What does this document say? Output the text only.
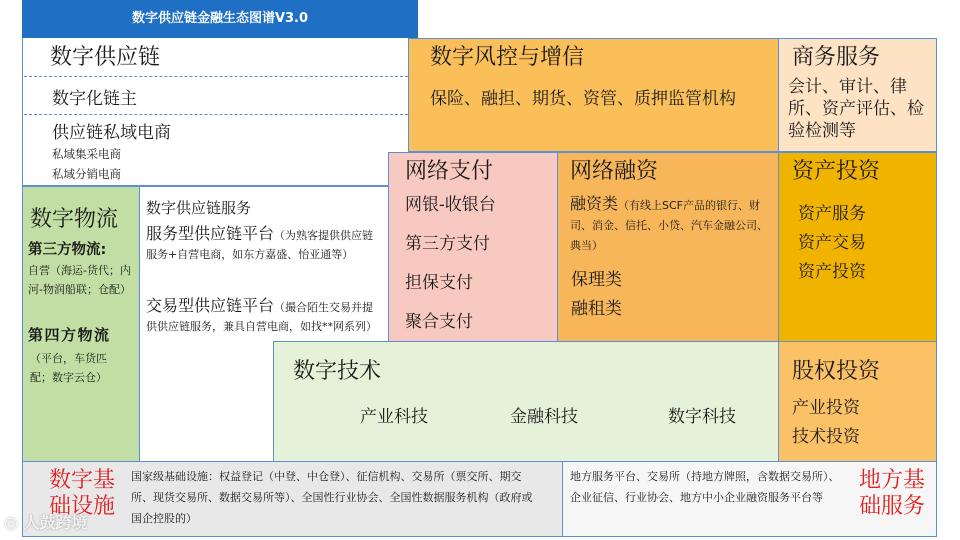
数字供应链金融生态图谱V3.0
数字供应链
数字化链主
供应链私域电商
私域集采电商
私域分销电商
数字风控与增信
保险、融担、期货、资管、质押监管机构
商务服务
会计、审计、律所、资产评估、检验检测等
数字物流
第三方物流:
自营（海运-货代；内河-物润船联；仓配）
第四方物流
（平台，车货匹配；数字云仓）
数字供应链服务
服务型供应链平台（为熟客提供供应链服务+自营电商，如东方嘉盛、怡亚通等）
交易型供应链平台（撮合陌生交易并提供供应链服务，兼具自营电商，如找**网系列）
网络支付
网银-收银台
第三方支付
担保支付
聚合支付
网络融资
融资类（有线上SCF产品的银行、财司、消金、信托、小贷、汽车金融公司、典当）
保理类
融租类
资产投资
资产服务
资产交易
资产投资
数字技术
产业科技	金融科技	数字科技
股权投资
产业投资
技术投资
数字基础设施
国家级基础设施：权益登记（中登、中仓登）、征信机构、交易所（票交所、期交所、现货交易所、数据交易所等）、全国性行业协会、全国性数据服务机构（政府或国企控股的）
地方服务平台、交易所（持地方牌照，含数据交易所）、企业征信、行业协会、地方中小企业融资服务平台等
地方基础服务
◎ 人鼓跨境
